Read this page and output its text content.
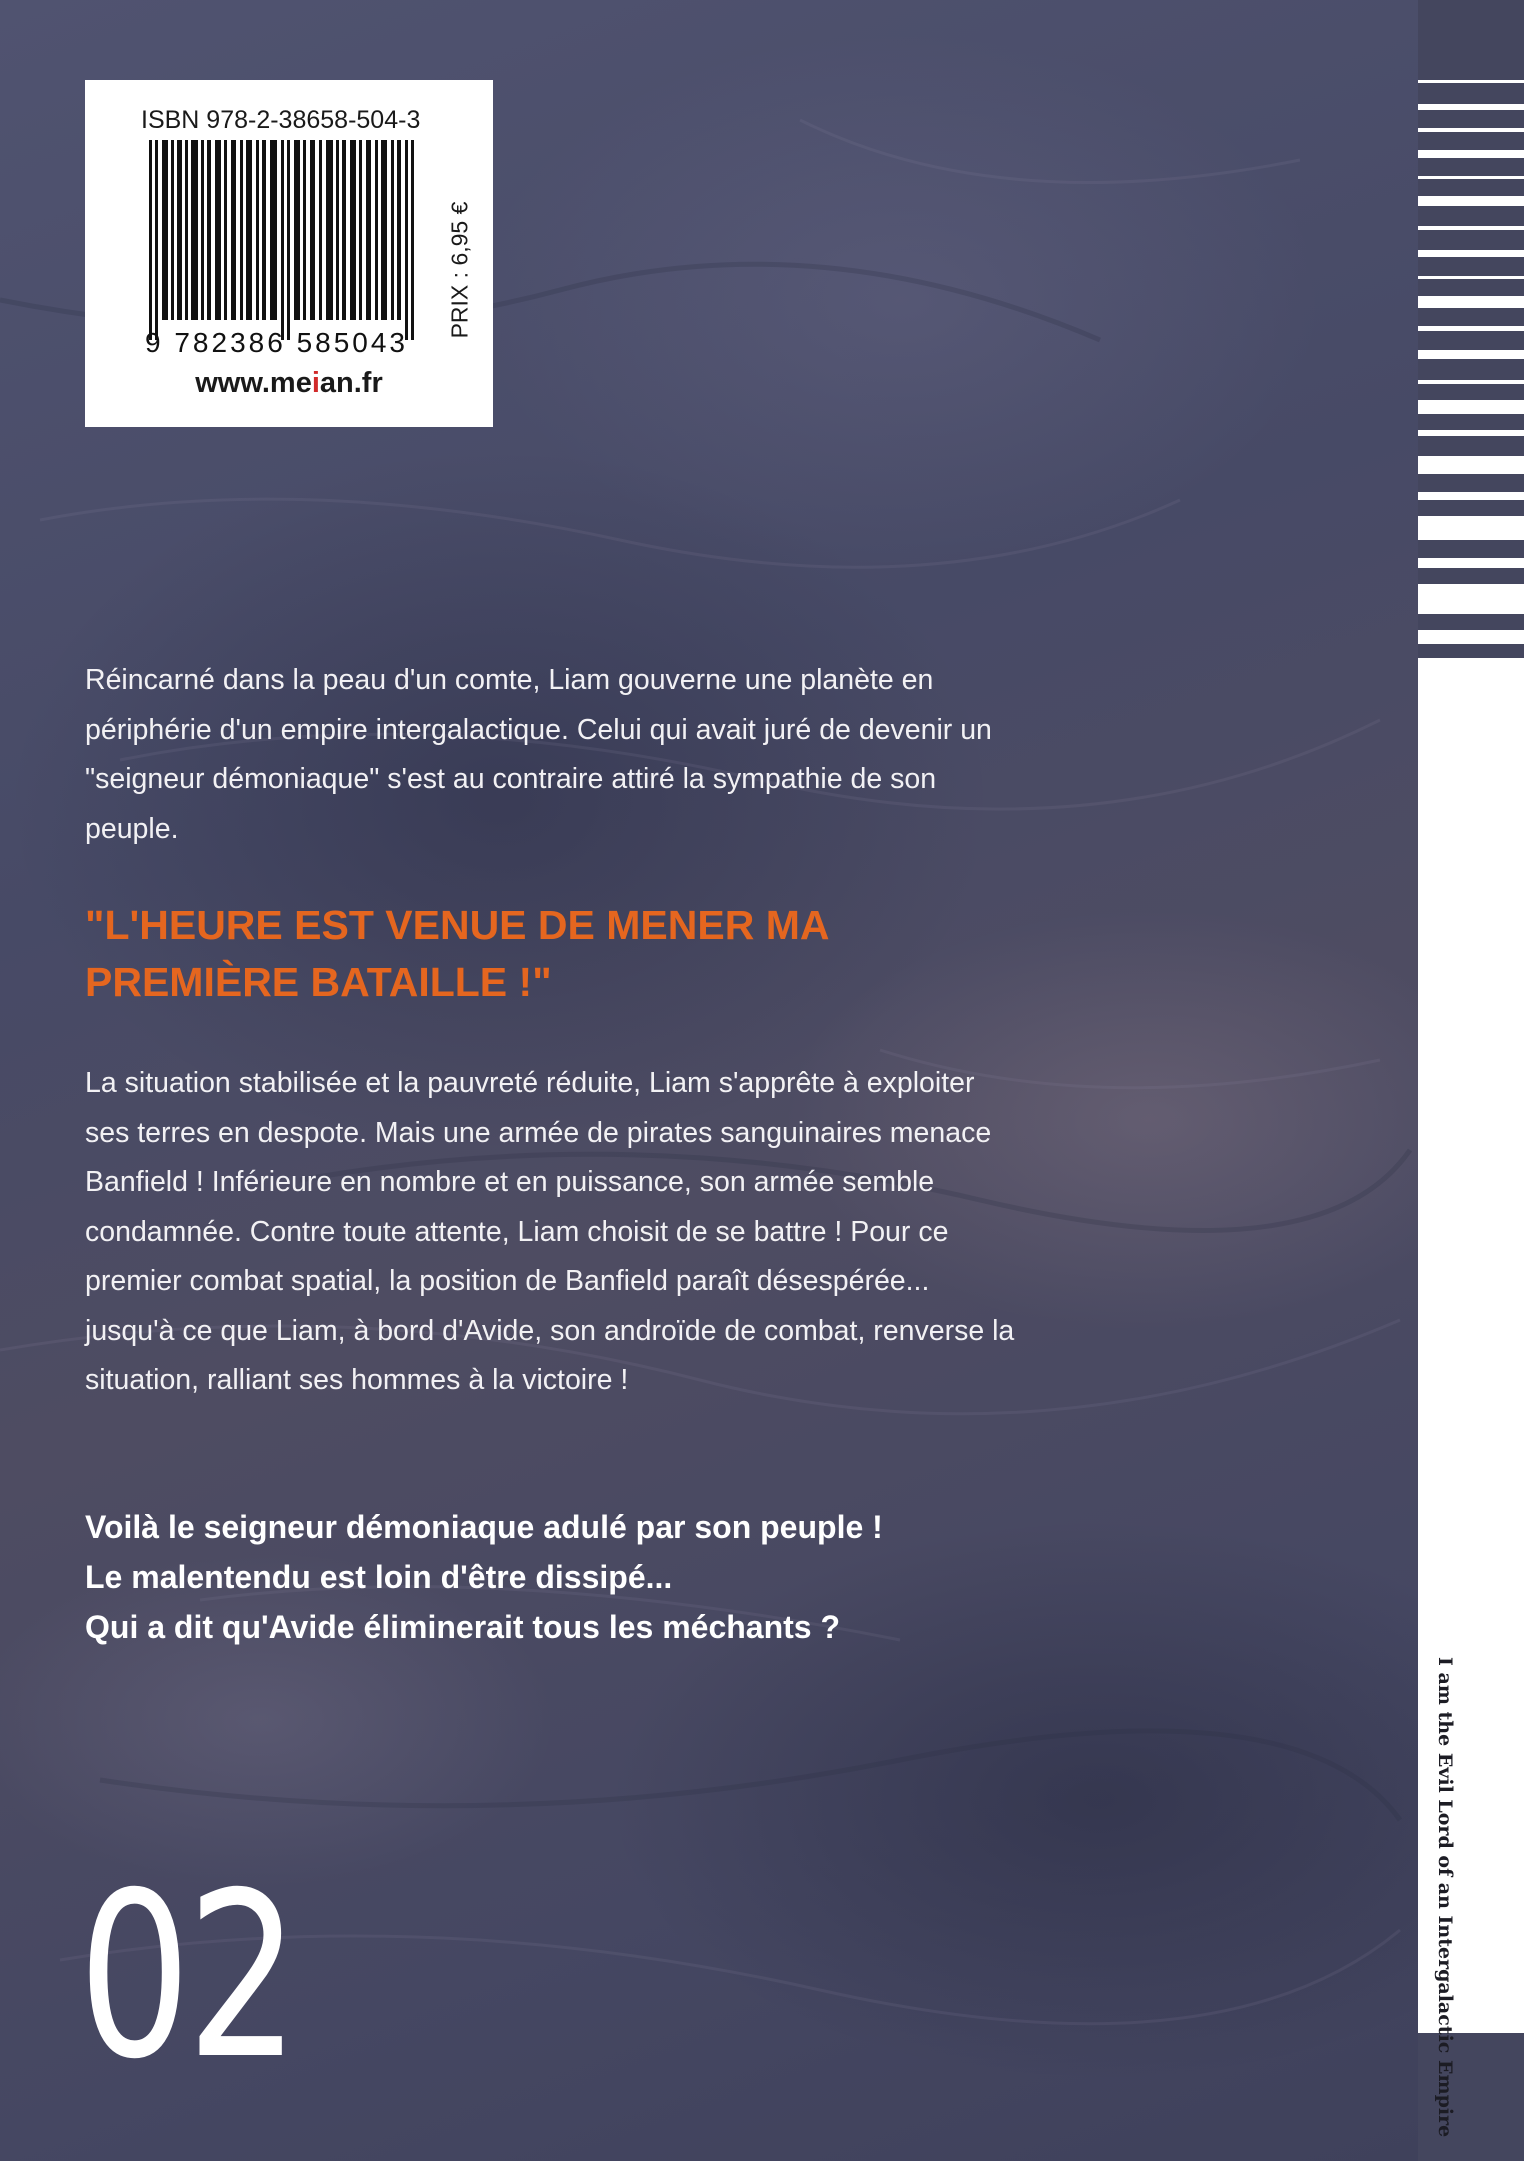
ISBN 978-2-38658-504-3
9 782386 585043
PRIX : 6,95 €
www.meian.fr

Réincarné dans la peau d'un comte, Liam gouverne une planète en périphérie d'un empire intergalactique. Celui qui avait juré de devenir un "seigneur démoniaque" s'est au contraire attiré la sympathie de son peuple.

"L'HEURE EST VENUE DE MENER MA PREMIÈRE BATAILLE !"

La situation stabilisée et la pauvreté réduite, Liam s'apprête à exploiter ses terres en despote. Mais une armée de pirates sanguinaires menace Banfield ! Inférieure en nombre et en puissance, son armée semble condamnée. Contre toute attente, Liam choisit de se battre ! Pour ce premier combat spatial, la position de Banfield paraît désespérée... jusqu'à ce que Liam, à bord d'Avide, son androïde de combat, renverse la situation, ralliant ses hommes à la victoire !

Voilà le seigneur démoniaque adulé par son peuple !
Le malentendu est loin d'être dissipé...
Qui a dit qu'Avide éliminerait tous les méchants ?
02	I am the Evil Lord of an Intergalactic Empire
